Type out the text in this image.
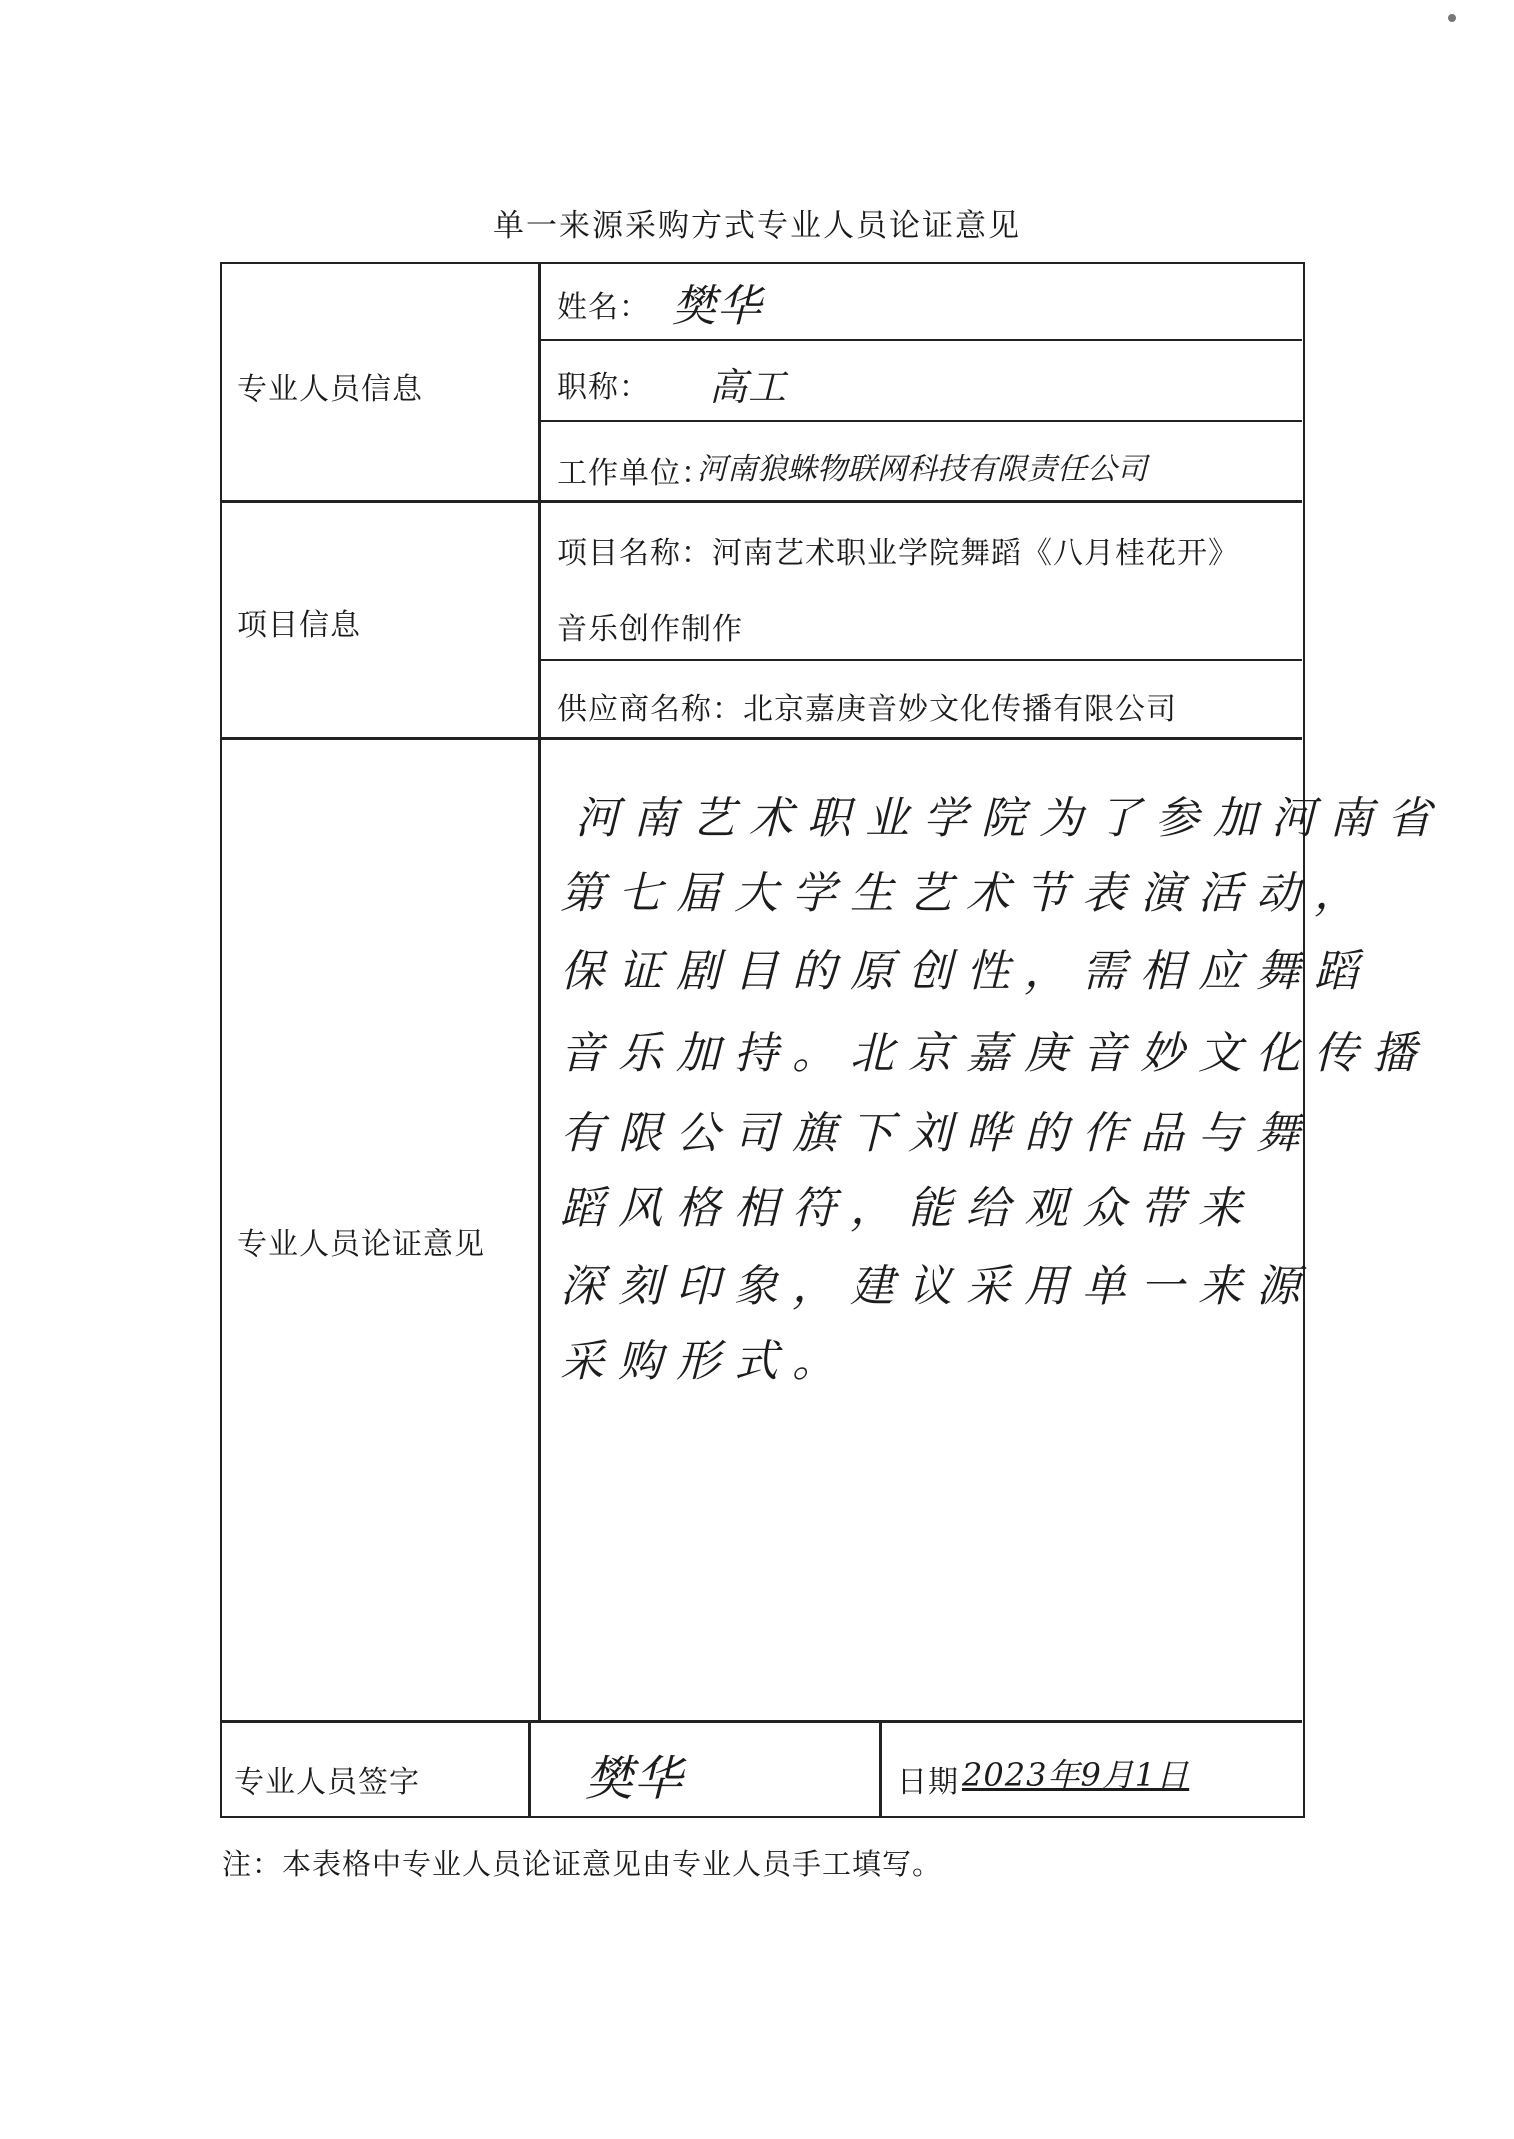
单一来源采购方式专业人员论证意见
专业人员信息
姓名： 樊华
职称： 高工
工作单位：
河南狼蛛物联网科技有限责任公司
项目信息
项目名称：河南艺术职业学院舞蹈《八月桂花开》
音乐创作制作
供应商名称：北京嘉庚音妙文化传播有限公司
专业人员论证意见
河南艺术职业学院为了参加河南省
第七届大学生艺术节表演活动，
保证剧目的原创性，需相应舞蹈
音乐加持。北京嘉庚音妙文化传播
有限公司旗下刘晔的作品与舞
蹈风格相符，能给观众带来
深刻印象，建议采用单一来源
采购形式。
专业人员签字	樊华	日期 2023年9月1日
注：本表格中专业人员论证意见由专业人员手工填写。
